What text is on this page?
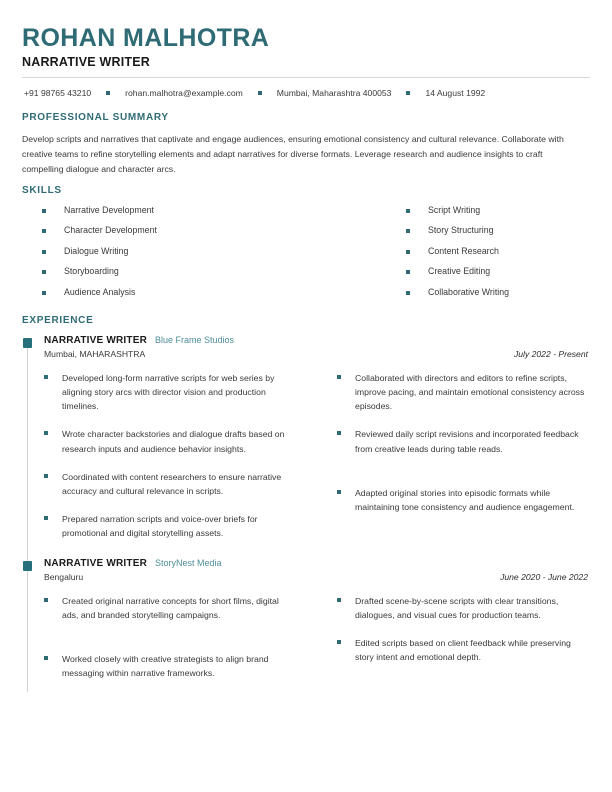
ROHAN MALHOTRA
NARRATIVE WRITER
+91 98765 43210	rohan.malhotra@example.com	Mumbai, Maharashtra 400053	14 August 1992
PROFESSIONAL SUMMARY
Develop scripts and narratives that captivate and engage audiences, ensuring emotional consistency and cultural relevance. Collaborate with creative teams to refine storytelling elements and adapt narratives for diverse formats. Leverage research and audience insights to craft compelling dialogue and character arcs.
SKILLS
Narrative Development
Character Development
Dialogue Writing
Storyboarding
Audience Analysis
Script Writing
Story Structuring
Content Research
Creative Editing
Collaborative Writing
EXPERIENCE
NARRATIVE WRITER Blue Frame Studios
Mumbai, MAHARASHTRA	July 2022 - Present
Developed long-form narrative scripts for web series by aligning story arcs with director vision and production timelines.
Wrote character backstories and dialogue drafts based on research inputs and audience behavior insights.
Coordinated with content researchers to ensure narrative accuracy and cultural relevance in scripts.
Prepared narration scripts and voice-over briefs for promotional and digital storytelling assets.
Collaborated with directors and editors to refine scripts, improve pacing, and maintain emotional consistency across episodes.
Reviewed daily script revisions and incorporated feedback from creative leads during table reads.
Adapted original stories into episodic formats while maintaining tone consistency and audience engagement.
NARRATIVE WRITER StoryNest Media
Bengaluru	June 2020 - June 2022
Created original narrative concepts for short films, digital ads, and branded storytelling campaigns.
Worked closely with creative strategists to align brand messaging within narrative frameworks.
Drafted scene-by-scene scripts with clear transitions, dialogues, and visual cues for production teams.
Edited scripts based on client feedback while preserving story intent and emotional depth.
